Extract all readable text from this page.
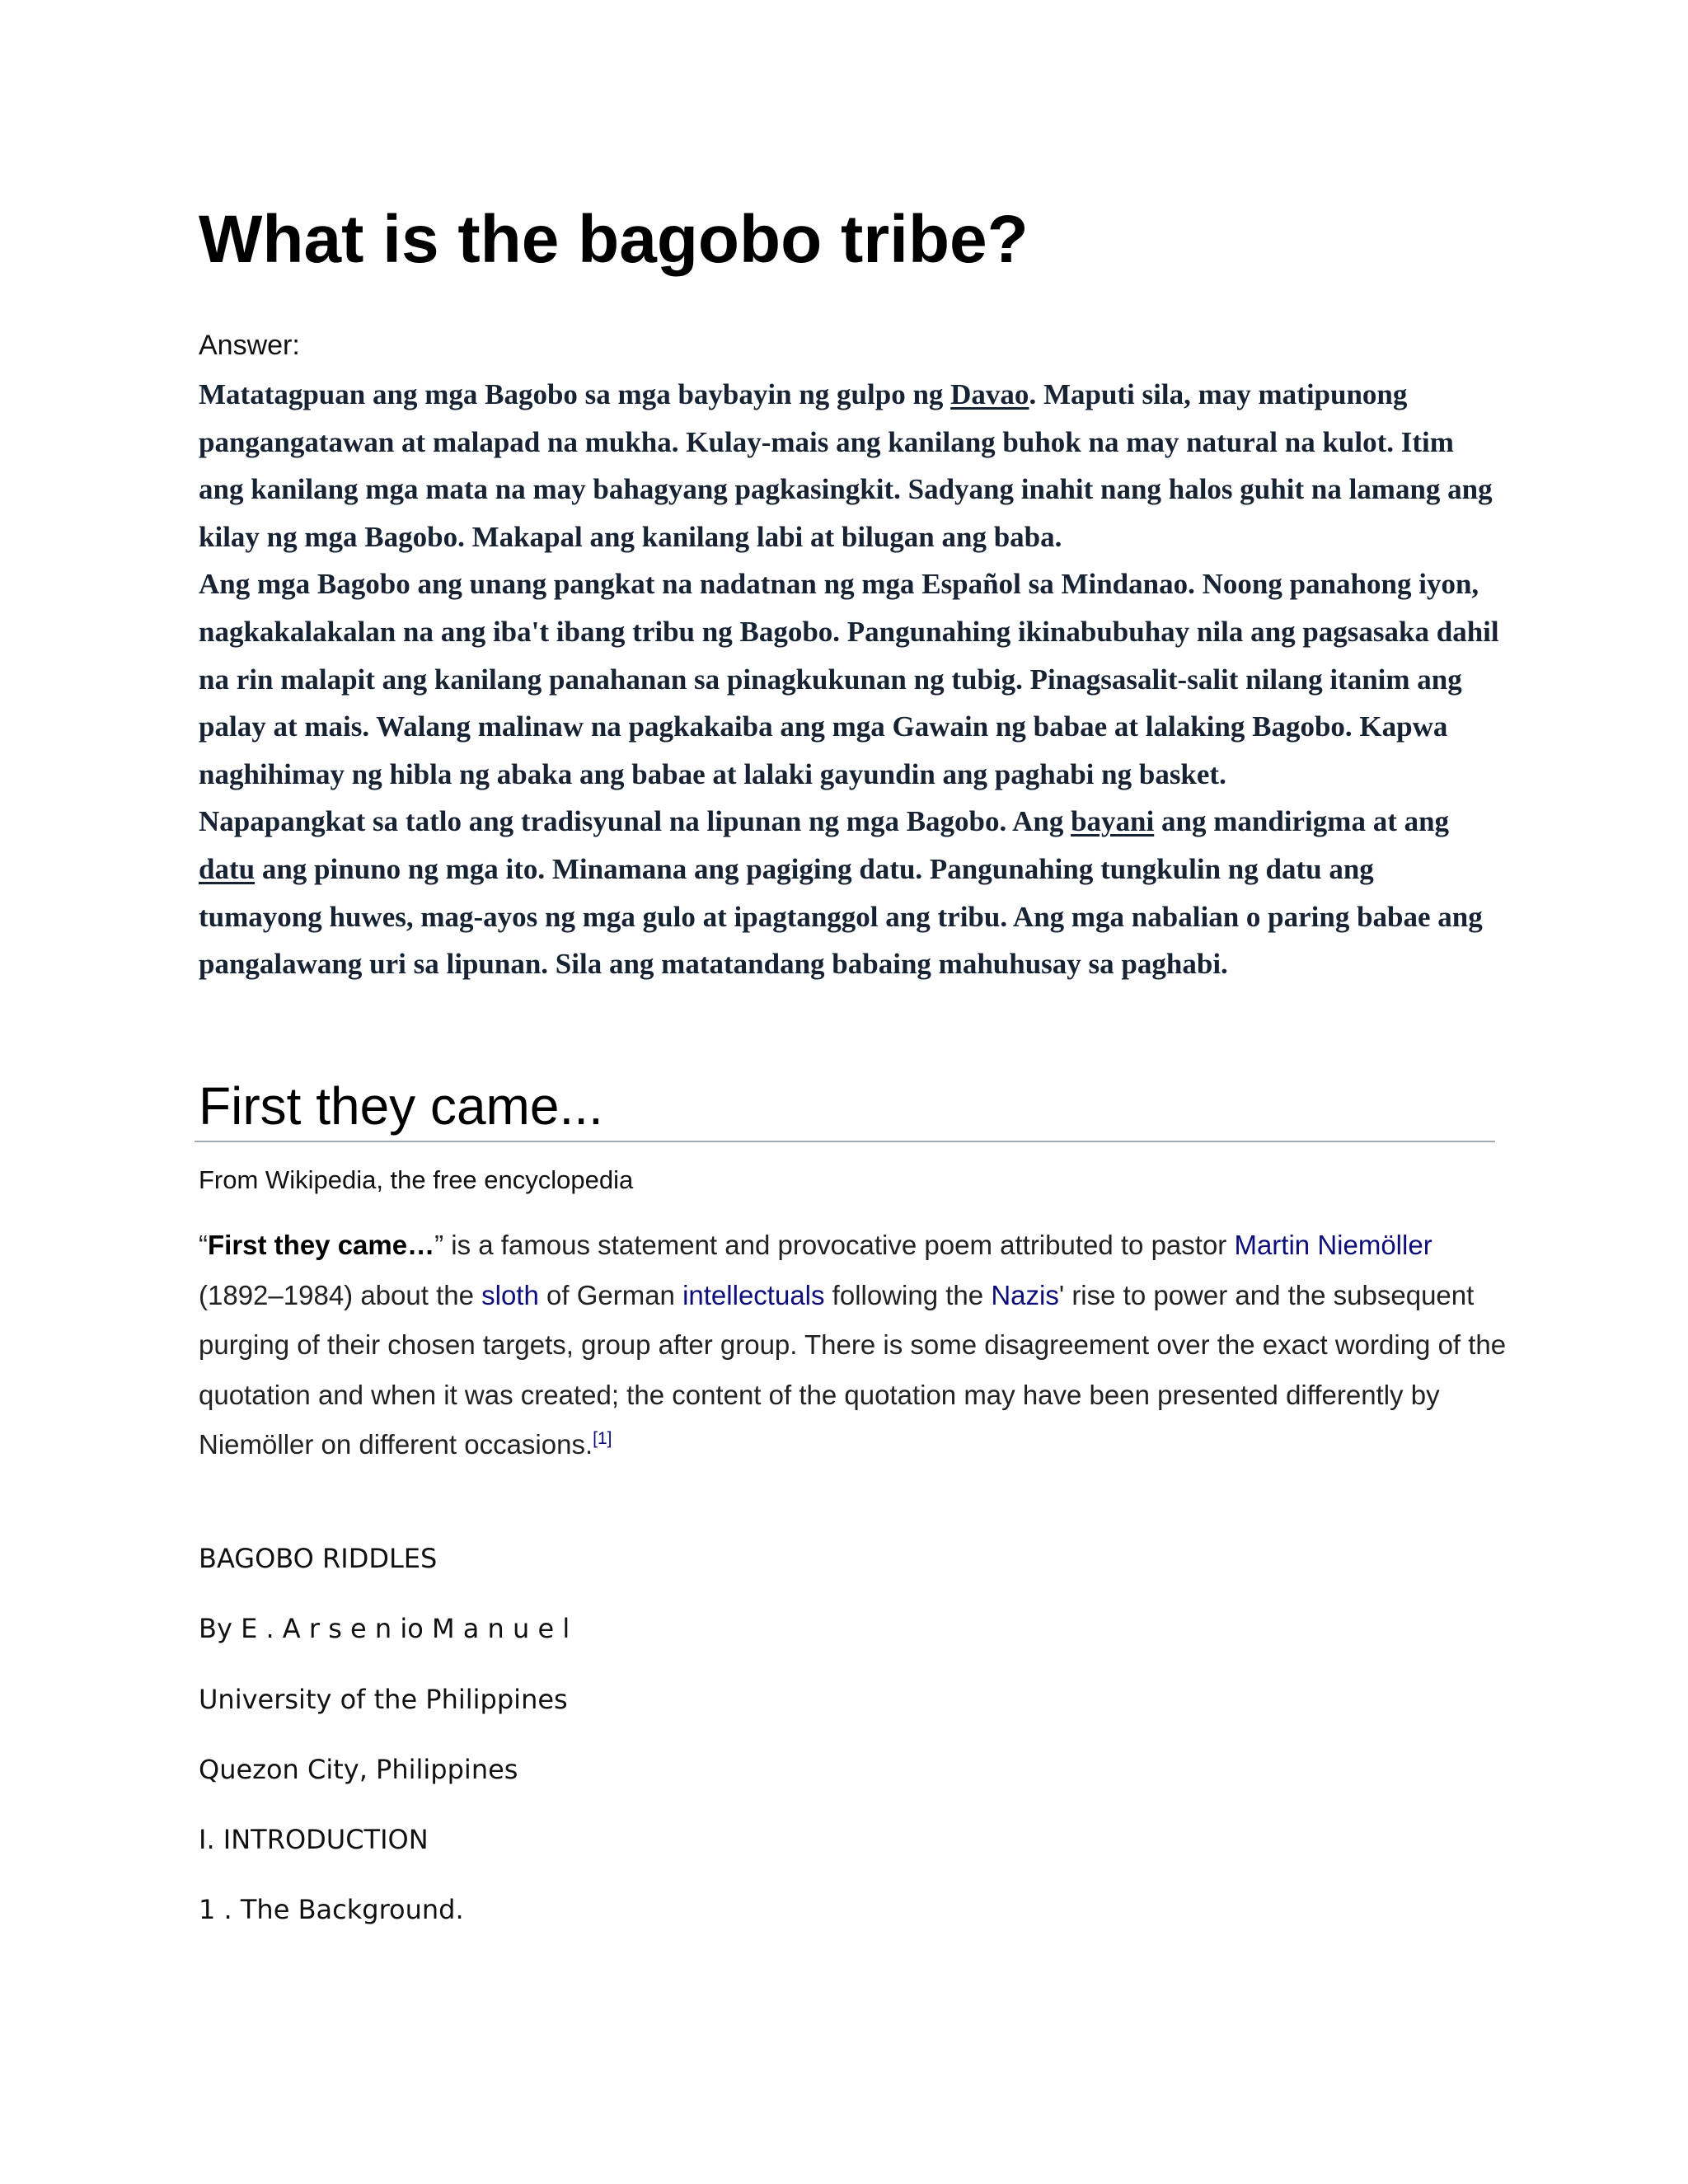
What is the bagobo tribe?
Answer:

Matatagpuan ang mga Bagobo sa mga baybayin ng gulpo ng Davao. Maputi sila, may matipunong pangangatawan at malapad na mukha. Kulay-mais ang kanilang buhok na may natural na kulot. Itim ang kanilang mga mata na may bahagyang pagkasingkit. Sadyang inahit nang halos guhit na lamang ang kilay ng mga Bagobo. Makapal ang kanilang labi at bilugan ang baba.

Ang mga Bagobo ang unang pangkat na nadatnan ng mga Español sa Mindanao. Noong panahong iyon, nagkakalakalan na ang iba't ibang tribu ng Bagobo. Pangunahing ikinabubuhay nila ang pagsasaka dahil na rin malapit ang kanilang panahanan sa pinagkukunan ng tubig. Pinagsasalit-salit nilang itanim ang palay at mais. Walang malinaw na pagkakaiba ang mga Gawain ng babae at lalaking Bagobo. Kapwa naghihimay ng hibla ng abaka ang babae at lalaki gayundin ang paghabi ng basket.

Napapangkat sa tatlo ang tradisyunal na lipunan ng mga Bagobo. Ang bayani ang mandirigma at ang datu ang pinuno ng mga ito. Minamana ang pagiging datu. Pangunahing tungkulin ng datu ang tumayong huwes, mag-ayos ng mga gulo at ipagtanggol ang tribu. Ang mga nabalian o paring babae ang pangalawang uri sa lipunan. Sila ang matatandang babaing mahuhusay sa paghabi.

First they came...
From Wikipedia, the free encyclopedia

“First they came…” is a famous statement and provocative poem attributed to pastor Martin Niemöller (1892–1984) about the sloth of German intellectuals following the Nazis' rise to power and the subsequent purging of their chosen targets, group after group. There is some disagreement over the exact wording of the quotation and when it was created; the content of the quotation may have been presented differently by Niemöller on different occasions.[1]

BAGOBO RIDDLES
By E . A r s e n io M a n u e l
University of the Philippines
Quezon City, Philippines
I. INTRODUCTION
1 . The Background.
